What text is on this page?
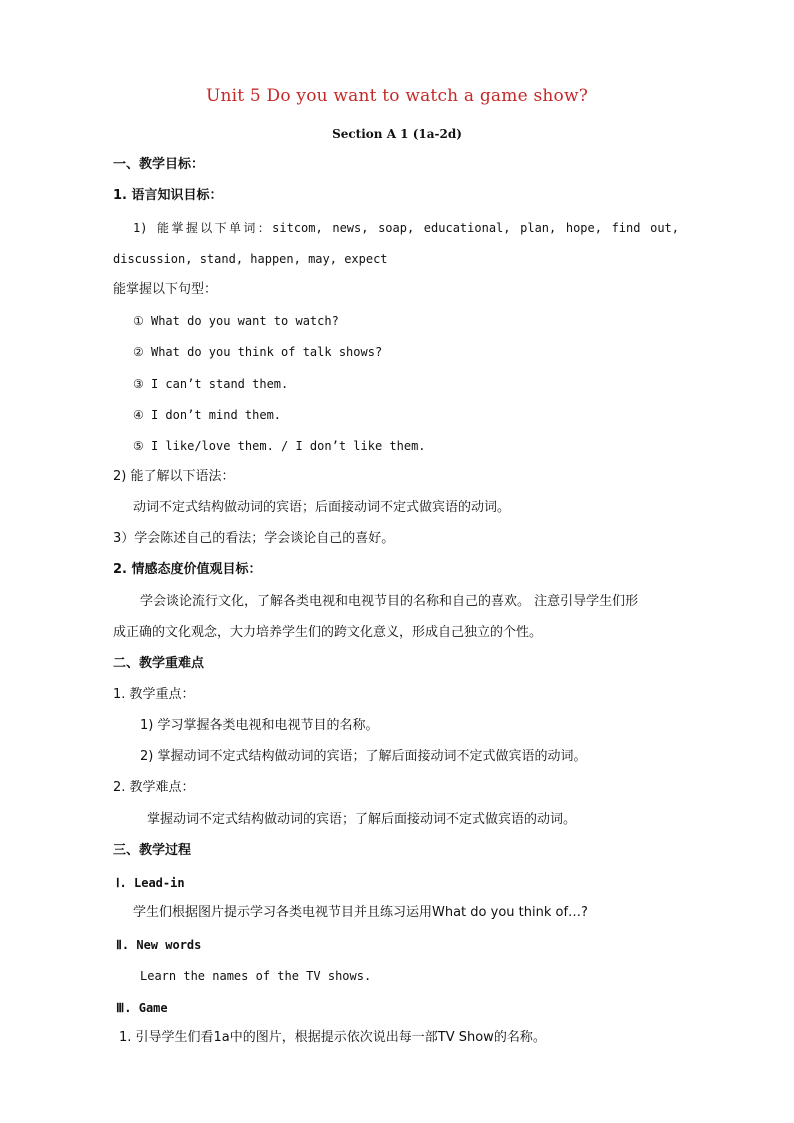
Unit 5 Do you want to watch a game show?
Section A 1 (1a-2d)
一、教学目标：
1. 语言知识目标：
1) 能掌握以下单词：sitcom, news, soap, educational, plan, hope, find out,
discussion, stand, happen, may, expect
能掌握以下句型：
① What do you want to watch?
② What do you think of talk shows?
③ I can’t stand them.
④ I don’t mind them.
⑤ I like/love them. / I don’t like them.
2) 能了解以下语法：
动词不定式结构做动词的宾语；后面接动词不定式做宾语的动词。
3）学会陈述自己的看法；学会谈论自己的喜好。
2. 情感态度价值观目标：
学会谈论流行文化，了解各类电视和电视节目的名称和自己的喜欢。 注意引导学生们形
成正确的文化观念，大力培养学生们的跨文化意义，形成自己独立的个性。
二、教学重难点
1. 教学重点：
1) 学习掌握各类电视和电视节目的名称。
2) 掌握动词不定式结构做动词的宾语；了解后面接动词不定式做宾语的动词。
2. 教学难点：
掌握动词不定式结构做动词的宾语；了解后面接动词不定式做宾语的动词。
三、教学过程
Ⅰ. Lead-in
学生们根据图片提示学习各类电视节目并且练习运用What do you think of…?
Ⅱ. New words
Learn the names of the TV shows.
Ⅲ. Game
1. 引导学生们看1a中的图片，根据提示依次说出每一部TV Show的名称。
